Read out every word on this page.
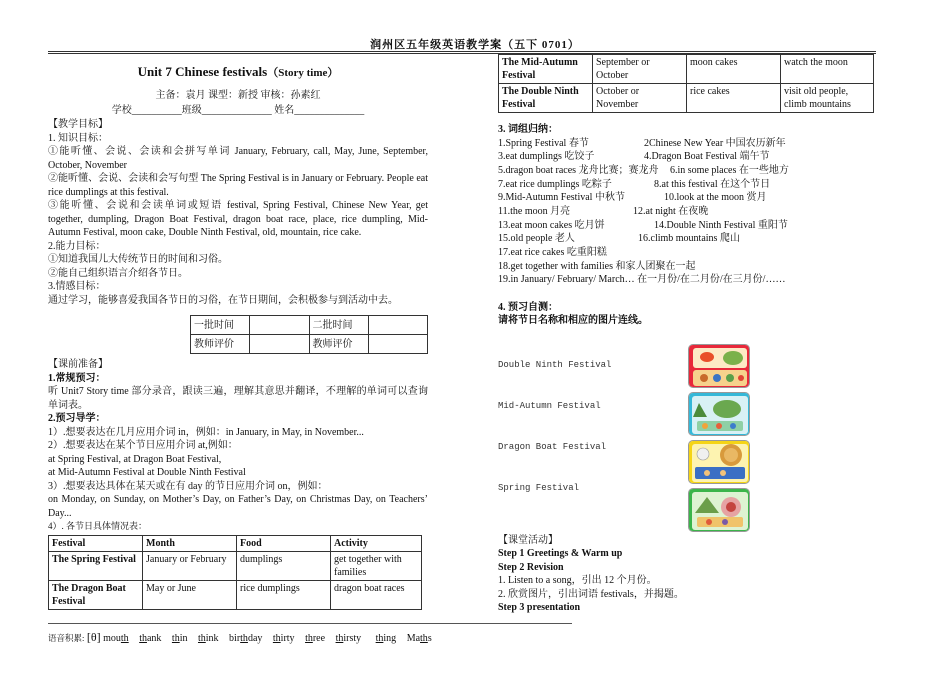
润州区五年级英语教学案（五下 0701）
Unit 7 Chinese festivals（Story time）
主备：袁月 课型：新授 审核：孙素红
学校__________班级______________ 姓名______________
【教学目标】
1. 知识目标：
①能听懂、会说、会读和会拼写单词 January, February, call, May, June, September, October, November
②能听懂、会说、会读和会写句型 The Spring Festival is in January or February. People eat rice dumplings at this festival.
③能听懂、会说和会读单词或短语 festival, Spring Festival, Chinese New Year, get together, dumpling, Dragon Boat Festival, dragon boat race, place, rice dumpling, Mid-Autumn Festival, moon cake, Double Ninth Festival, old, mountain, rice cake.
2.能力目标：
①知道我国儿大传统节日的时间和习俗。
②能自己组织语言介绍各节日。
3.情感目标：
通过学习，能够喜爱我国各节日的习俗，在节日期间，会积极参与到活动中去。
一批时间		二批时间	
教师评价		教师评价	
【课前准备】
1.常规预习：
听 Unit7 Story time 部分录音，跟读三遍，理解其意思并翻译，不理解的单词可以查询单词表。
2.预习导学：
1）.想要表达在几月应用介词 in，例如：in January, in May, in November...
2）.想要表达在某个节日应用介词 at,例如：
at Spring Festival, at Dragon Boat Festival,
at Mid-Autumn Festival at Double Ninth Festival
3）.想要表达具体在某天或在有 day 的节日应用介词 on，例如：
on Monday, on Sunday, on Mother’s Day, on Father’s Day, on Christmas Day, on Teachers’ Day...
4）. 各节日具体情况表：
Festival	Month	Food	Activity
The Spring Festival	January or February	dumplings	get together with families
The Dragon Boat Festival	May or June	rice dumplings	dragon boat races
The Mid-Autumn Festival	September or October	moon cakes	watch the moon
The Double Ninth Festival	October or November	rice cakes	visit old people, climb mountains
3. 词组归纳：
1.Spring Festival 春节	2Chinese New Year 中国农历新年
3.eat dumplings 吃饺子	4.Dragon Boat Festival 端午节
5.dragon boat races 龙舟比赛；赛龙舟	6.in some places 在一些地方
7.eat rice dumplings 吃粽子	8.at this festival 在这个节日
9.Mid-Autumn Festival 中秋节	10.look at the moon 赏月
11.the moon 月亮	12.at night 在夜晚
13.eat moon cakes 吃月饼	14.Double Ninth Festival 重阳节
15.old people 老人	16.climb mountains 爬山
17.eat rice cakes 吃重阳糕
18.get together with families 和家人团聚在一起
19.in January/ February/ March… 在一月份/在二月份/在三月份/……
4. 预习自测：
请将节日名称和相应的图片连线。
Double Ninth Festival
Mid-Autumn Festival
Dragon Boat Festival
Spring Festival
【课堂活动】
Step 1 Greetings & Warm up
Step 2 Revision
1. Listen to a song，引出 12 个月份。
2. 欣赏图片，引出词语 festivals，并揭题。
Step 3 presentation
语音积累: [θ] mouth thank thin think birthday thirty three thirsty thing Maths
